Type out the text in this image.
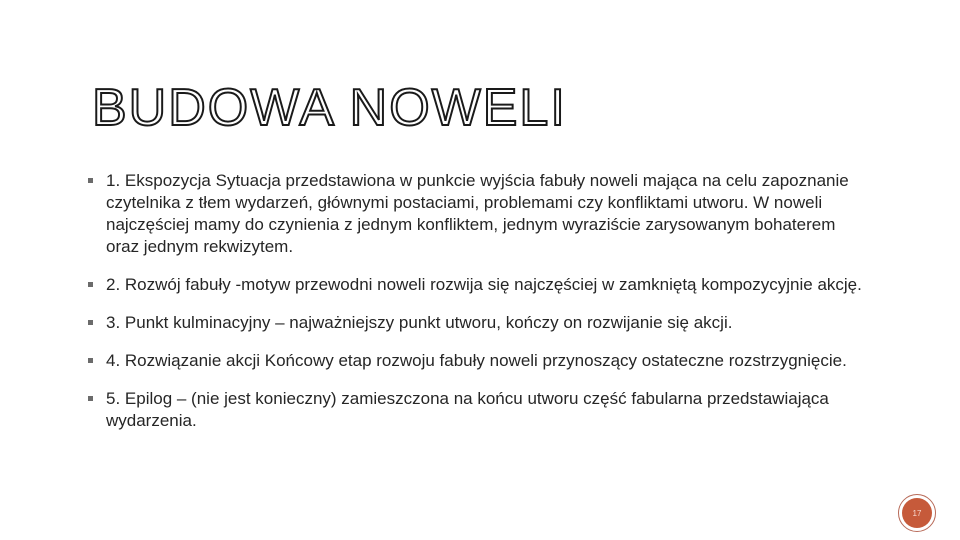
BUDOWA NOWELI
1. Ekspozycja Sytuacja przedstawiona w punkcie wyjścia fabuły noweli mająca na celu zapoznanie czytelnika z tłem wydarzeń, głównymi postaciami, problemami czy konfliktami utworu. W noweli najczęściej mamy do czynienia z jednym konfliktem, jednym wyraziście zarysowanym bohaterem oraz jednym rekwizytem.
2. Rozwój fabuły -motyw przewodni noweli rozwija się najczęściej w zamkniętą kompozycyjnie akcję.
3. Punkt kulminacyjny – najważniejszy punkt utworu, kończy on rozwijanie się akcji.
4. Rozwiązanie akcji Końcowy etap rozwoju fabuły noweli przynoszący ostateczne rozstrzygnięcie.
5. Epilog – (nie jest konieczny) zamieszczona na końcu utworu część fabularna przedstawiająca wydarzenia.
17
